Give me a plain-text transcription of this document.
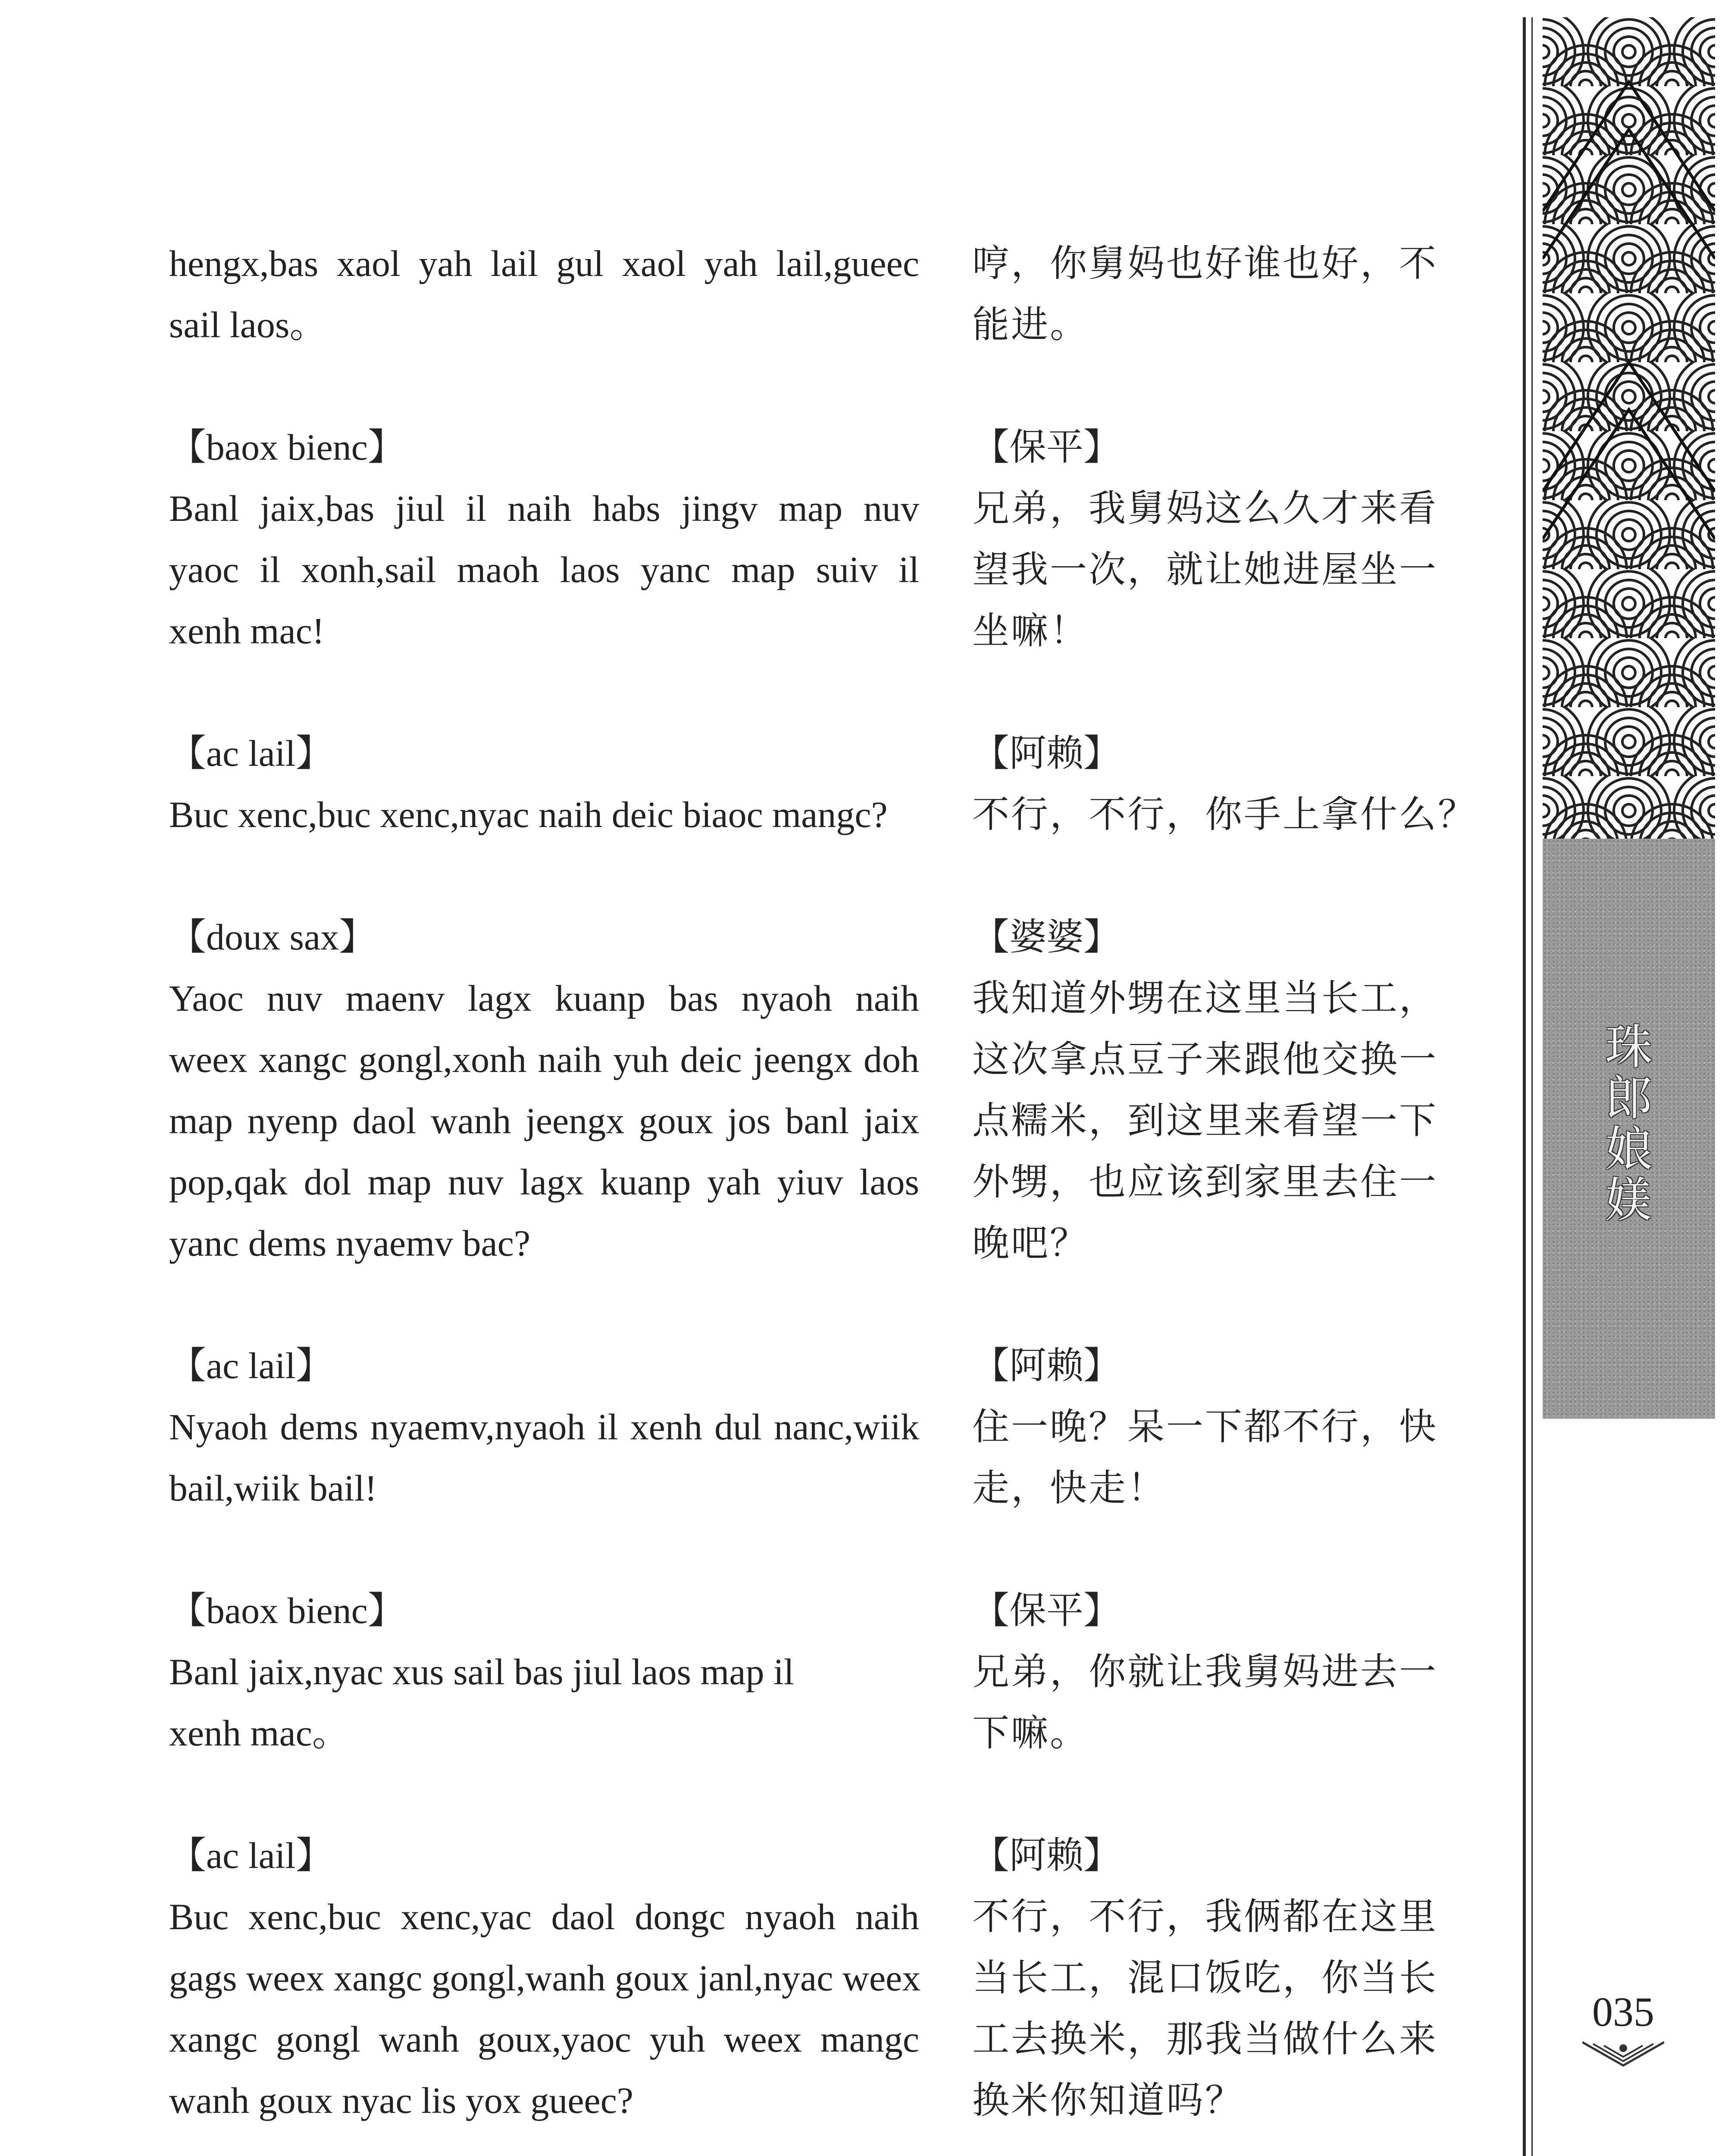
hengx,bas xaol yah lail gul xaol yah lail,gueec
sail laos。
【baox bienc】
Banl jaix,bas jiul il naih habs jingv map nuv
yaoc il xonh,sail maoh laos yanc map suiv il
xenh mac!
【ac lail】
Buc xenc,buc xenc,nyac naih deic biaoc mangc?
【doux sax】
Yaoc nuv maenv lagx kuanp bas nyaoh naih
weex xangc gongl,xonh naih yuh deic jeengx doh
map nyenp daol wanh jeengx goux jos banl jaix
pop,qak dol map nuv lagx kuanp yah yiuv laos
yanc dems nyaemv bac?
【ac lail】
Nyaoh dems nyaemv,nyaoh il xenh dul nanc,wiik
bail,wiik bail!
【baox bienc】
Banl jaix,nyac xus sail bas jiul laos map il
xenh mac。
【ac lail】
Buc xenc,buc xenc,yac daol dongc nyaoh naih
gags weex xangc gongl,wanh goux janl,nyac weex
xangc gongl wanh goux,yaoc yuh weex mangc
wanh goux nyac lis yox gueec?
哼，你舅妈也好谁也好，不
能进。
【保平】
兄弟，我舅妈这么久才来看
望我一次，就让她进屋坐一
坐嘛！
【阿赖】
不行，不行，你手上拿什么？
【婆婆】
我知道外甥在这里当长工，
这次拿点豆子来跟他交换一
点糯米，到这里来看望一下
外甥，也应该到家里去住一
晚吧？
【阿赖】
住一晚？呆一下都不行，快
走，快走！
【保平】
兄弟，你就让我舅妈进去一
下嘛。
【阿赖】
不行，不行，我俩都在这里
当长工，混口饭吃，你当长
工去换米，那我当做什么来
换米你知道吗？
珠
郎
娘
媄
035
